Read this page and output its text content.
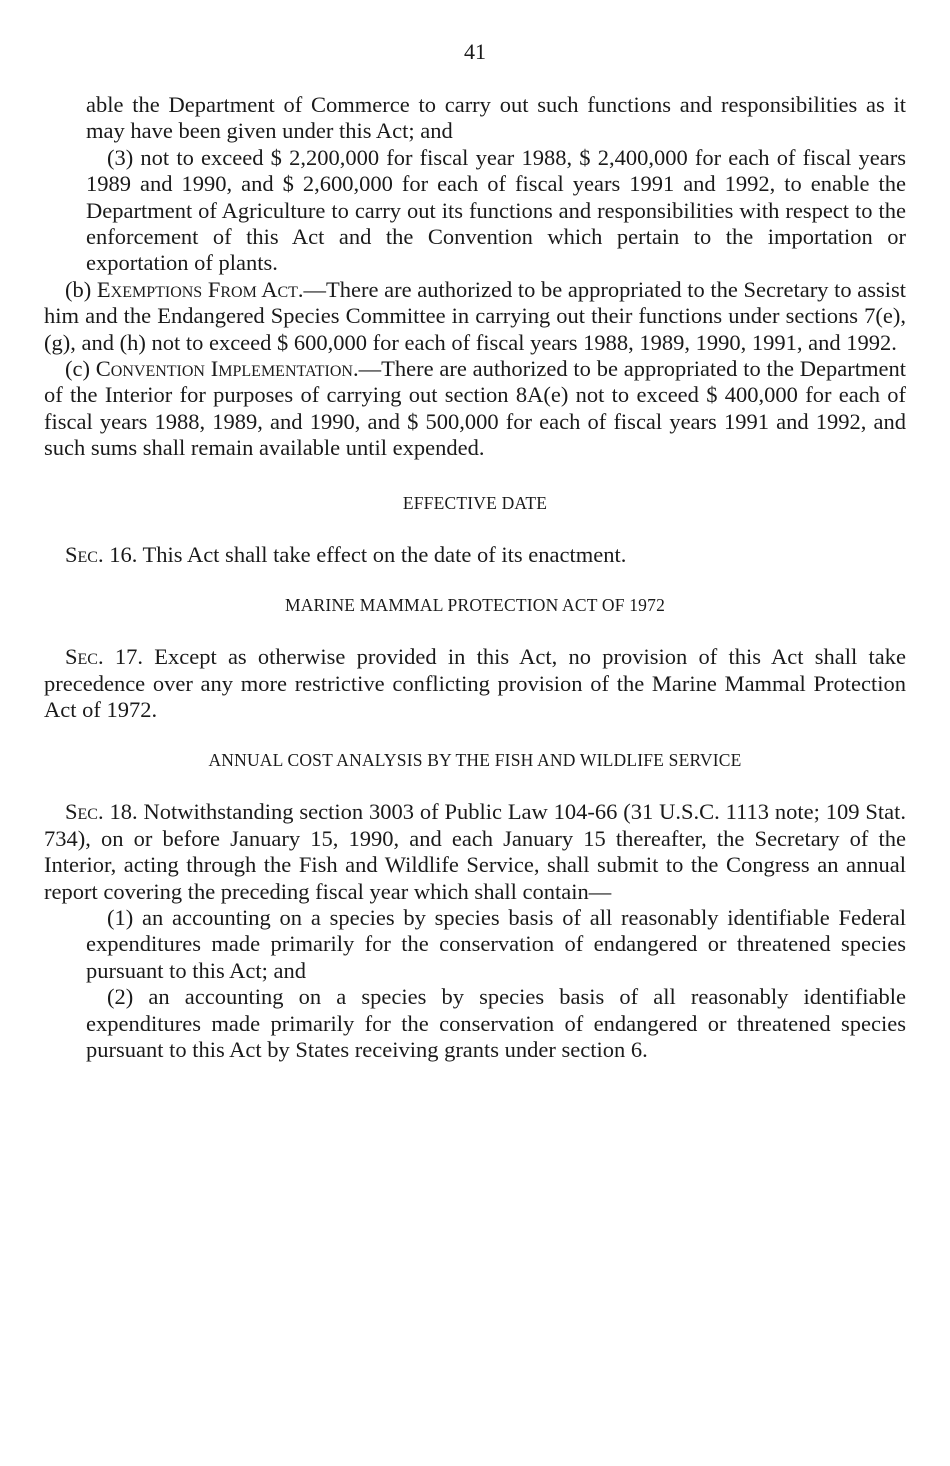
41

able the Department of Commerce to carry out such functions and responsibilities as it may have been given under this Act; and

(3) not to exceed $ 2,200,000 for fiscal year 1988, $ 2,400,000 for each of fiscal years 1989 and 1990, and $ 2,600,000 for each of fiscal years 1991 and 1992, to enable the Department of Agriculture to carry out its functions and responsibilities with respect to the enforcement of this Act and the Convention which pertain to the importation or exportation of plants.

(b) Exemptions From Act.—There are authorized to be appropriated to the Secretary to assist him and the Endangered Species Committee in carrying out their functions under sections 7(e), (g), and (h) not to exceed $ 600,000 for each of fiscal years 1988, 1989, 1990, 1991, and 1992.

(c) Convention Implementation.—There are authorized to be appropriated to the Department of the Interior for purposes of carrying out section 8A(e) not to exceed $ 400,000 for each of fiscal years 1988, 1989, and 1990, and $ 500,000 for each of fiscal years 1991 and 1992, and such sums shall remain available until expended.

EFFECTIVE DATE

Sec. 16. This Act shall take effect on the date of its enactment.

MARINE MAMMAL PROTECTION ACT OF 1972

Sec. 17. Except as otherwise provided in this Act, no provision of this Act shall take precedence over any more restrictive conflicting provision of the Marine Mammal Protection Act of 1972.

ANNUAL COST ANALYSIS BY THE FISH AND WILDLIFE SERVICE

Sec. 18. Notwithstanding section 3003 of Public Law 104-66 (31 U.S.C. 1113 note; 109 Stat. 734), on or before January 15, 1990, and each January 15 thereafter, the Secretary of the Interior, acting through the Fish and Wildlife Service, shall submit to the Congress an annual report covering the preceding fiscal year which shall contain—

(1) an accounting on a species by species basis of all reasonably identifiable Federal expenditures made primarily for the conservation of endangered or threatened species pursuant to this Act; and

(2) an accounting on a species by species basis of all reasonably identifiable expenditures made primarily for the conservation of endangered or threatened species pursuant to this Act by States receiving grants under section 6.
